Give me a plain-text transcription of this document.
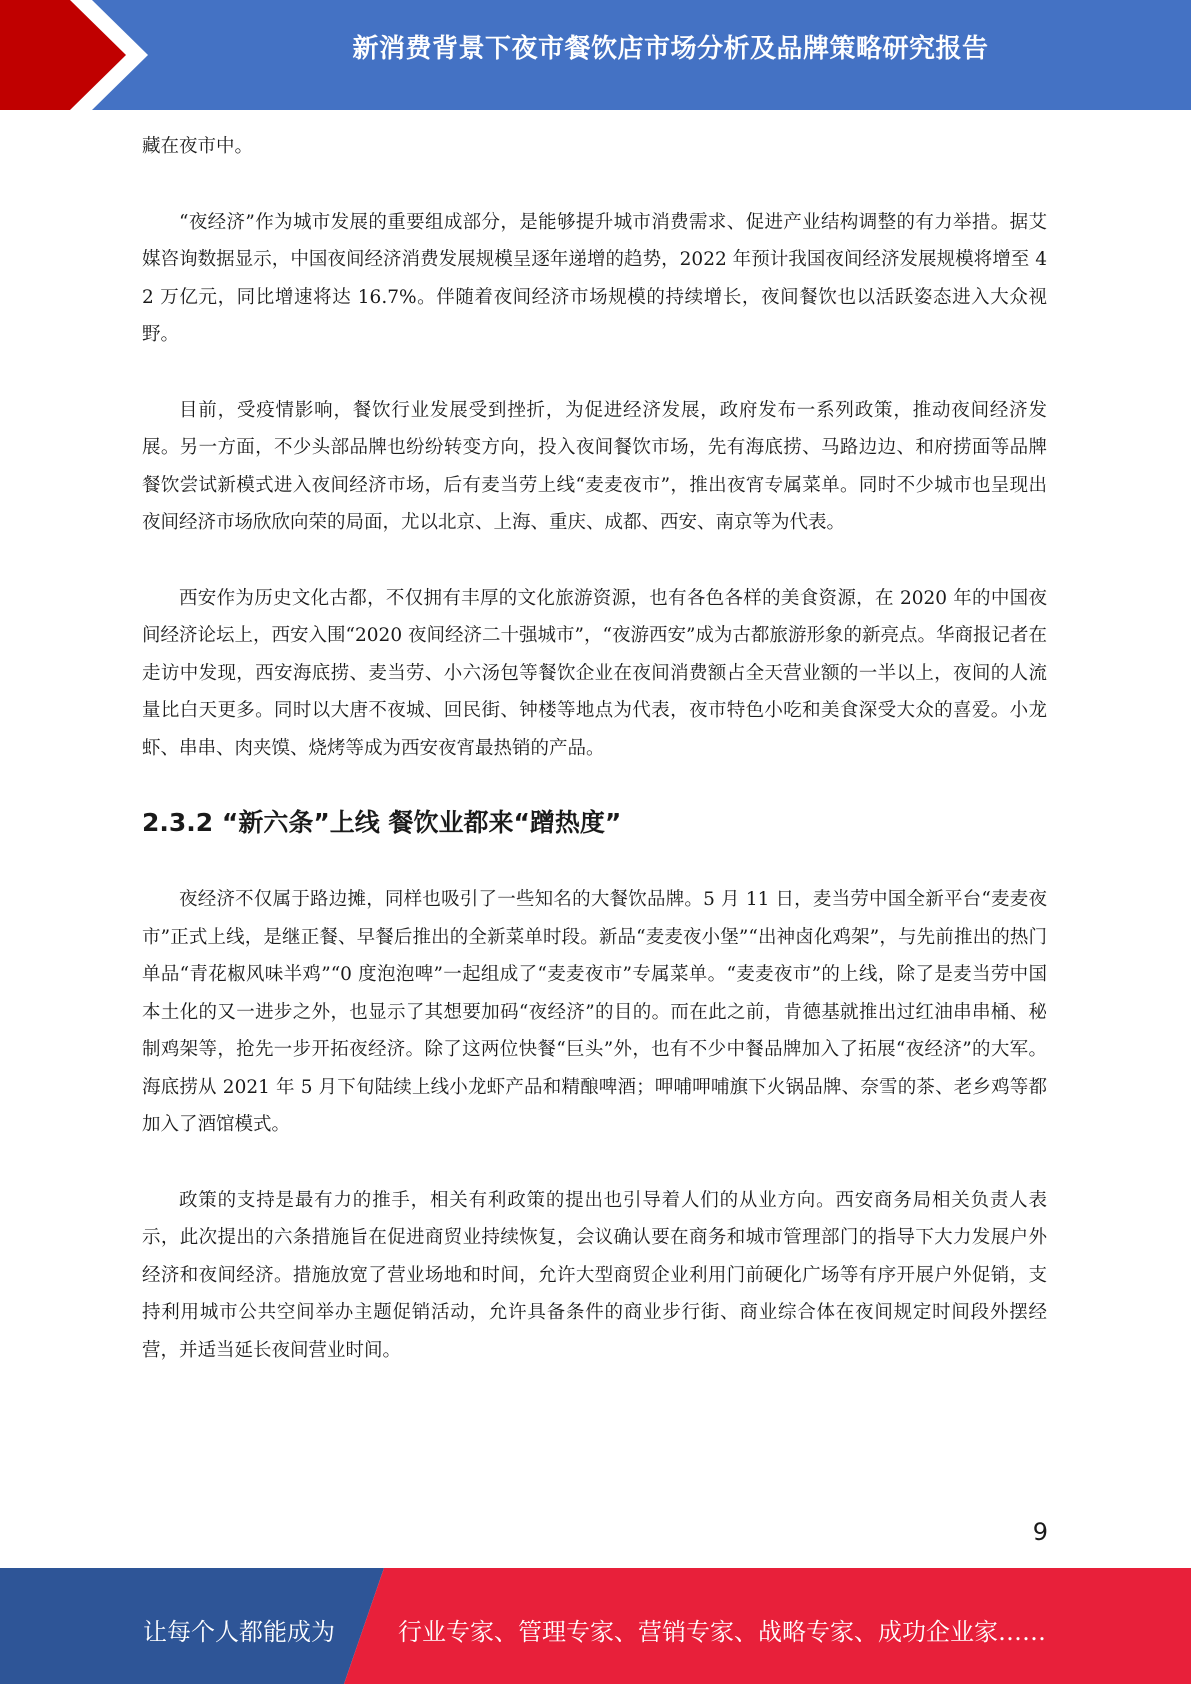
新消费背景下夜市餐饮店市场分析及品牌策略研究报告

藏在夜市中。

“夜经济”作为城市发展的重要组成部分，是能够提升城市消费需求、促进产业结构调整的有力举措。据艾媒咨询数据显示，中国夜间经济消费发展规模呈逐年递增的趋势，2022 年预计我国夜间经济发展规模将增至 42 万亿元，同比增速将达 16.7%。伴随着夜间经济市场规模的持续增长，夜间餐饮也以活跃姿态进入大众视野。

目前，受疫情影响，餐饮行业发展受到挫折，为促进经济发展，政府发布一系列政策，推动夜间经济发展。另一方面，不少头部品牌也纷纷转变方向，投入夜间餐饮市场，先有海底捞、马路边边、和府捞面等品牌餐饮尝试新模式进入夜间经济市场，后有麦当劳上线“麦麦夜市”，推出夜宵专属菜单。同时不少城市也呈现出夜间经济市场欣欣向荣的局面，尤以北京、上海、重庆、成都、西安、南京等为代表。

西安作为历史文化古都，不仅拥有丰厚的文化旅游资源，也有各色各样的美食资源，在 2020 年的中国夜间经济论坛上，西安入围“2020 夜间经济二十强城市”，“夜游西安”成为古都旅游形象的新亮点。华商报记者在走访中发现，西安海底捞、麦当劳、小六汤包等餐饮企业在夜间消费额占全天营业额的一半以上，夜间的人流量比白天更多。同时以大唐不夜城、回民街、钟楼等地点为代表，夜市特色小吃和美食深受大众的喜爱。小龙虾、串串、肉夹馍、烧烤等成为西安夜宵最热销的产品。

2.3.2 “新六条”上线 餐饮业都来“蹭热度”

夜经济不仅属于路边摊，同样也吸引了一些知名的大餐饮品牌。5 月 11 日，麦当劳中国全新平台“麦麦夜市”正式上线，是继正餐、早餐后推出的全新菜单时段。新品“麦麦夜小堡”“出神卤化鸡架”，与先前推出的热门单品“青花椒风味半鸡”“0 度泡泡啤”一起组成了“麦麦夜市”专属菜单。“麦麦夜市”的上线，除了是麦当劳中国本土化的又一进步之外，也显示了其想要加码“夜经济”的目的。而在此之前，肯德基就推出过红油串串桶、秘制鸡架等，抢先一步开拓夜经济。除了这两位快餐“巨头”外，也有不少中餐品牌加入了拓展“夜经济”的大军。海底捞从 2021 年 5 月下旬陆续上线小龙虾产品和精酿啤酒；呷哺呷哺旗下火锅品牌、奈雪的茶、老乡鸡等都加入了酒馆模式。

政策的支持是最有力的推手，相关有利政策的提出也引导着人们的从业方向。西安商务局相关负责人表示，此次提出的六条措施旨在促进商贸业持续恢复，会议确认要在商务和城市管理部门的指导下大力发展户外经济和夜间经济。措施放宽了营业场地和时间，允许大型商贸企业利用门前硬化广场等有序开展户外促销，支持利用城市公共空间举办主题促销活动，允许具备条件的商业步行街、商业综合体在夜间规定时间段外摆经营，并适当延长夜间营业时间。

9
让每个人都能成为	行业专家、管理专家、营销专家、战略专家、成功企业家……
